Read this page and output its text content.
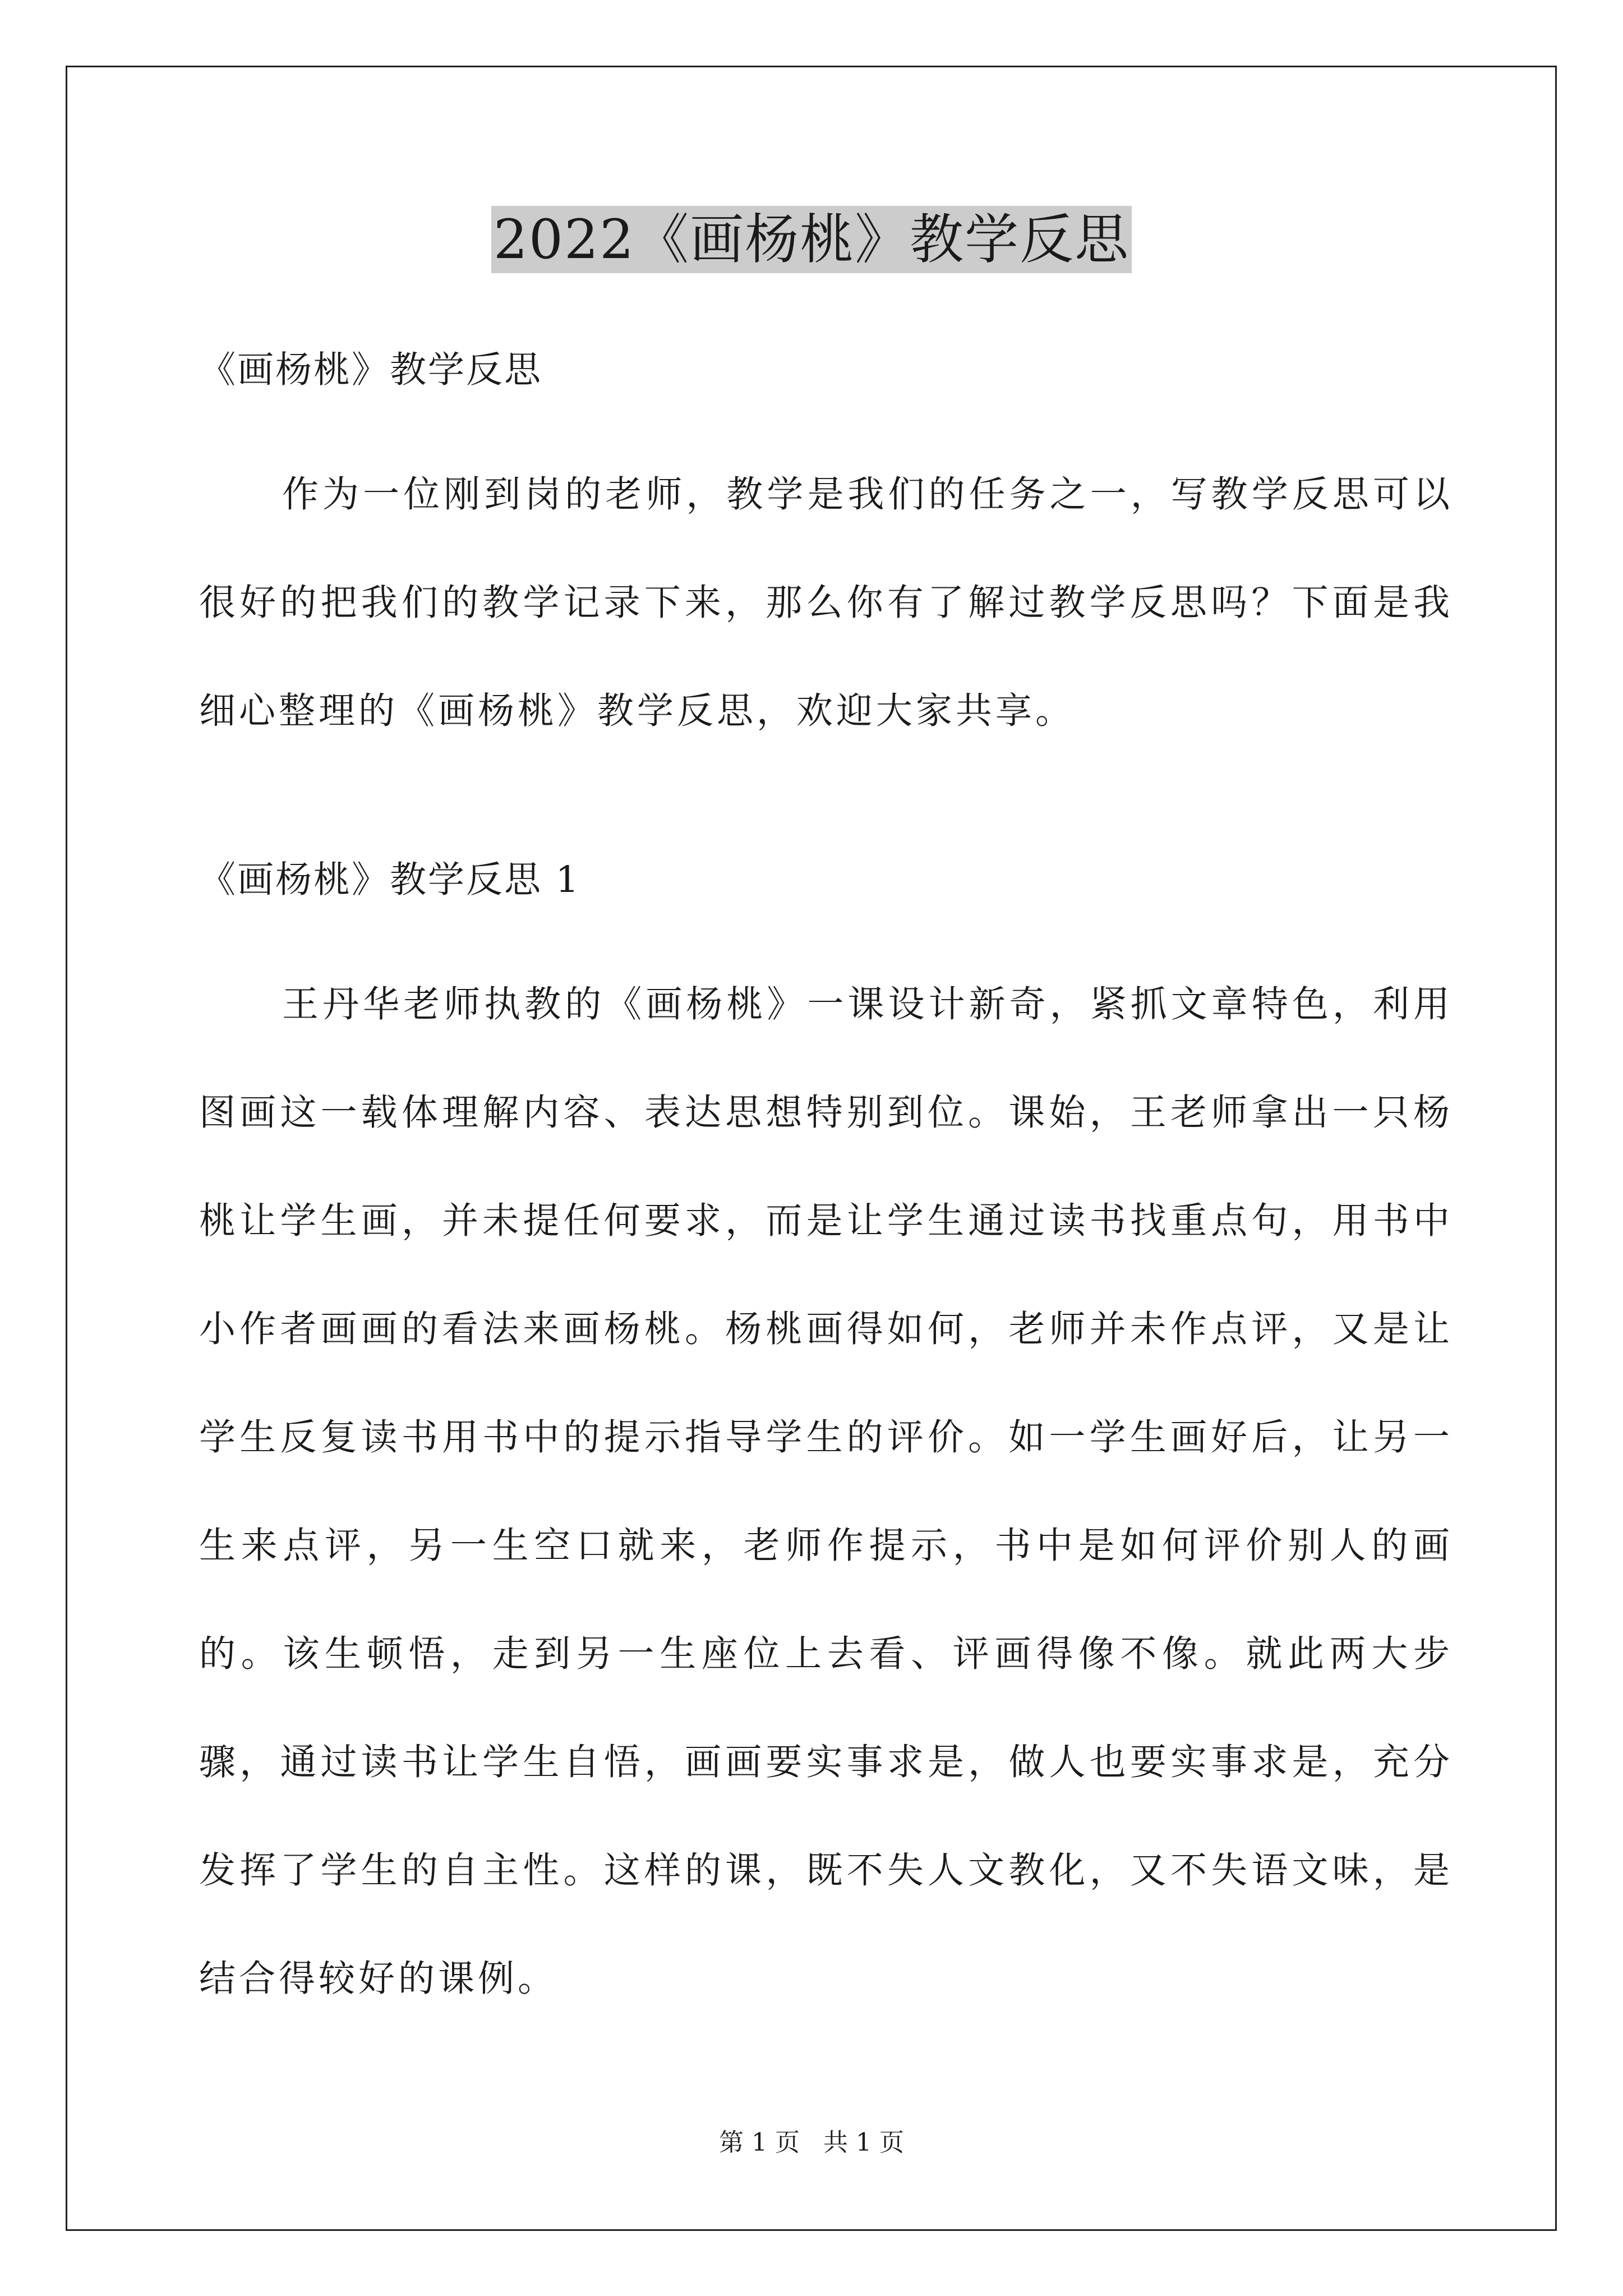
2022《画杨桃》教学反思

《画杨桃》教学反思

作为一位刚到岗的老师，教学是我们的任务之一，写教学反思可以很好的把我们的教学记录下来，那么你有了解过教学反思吗？下面是我细心整理的《画杨桃》教学反思，欢迎大家共享。

《画杨桃》教学反思 1

王丹华老师执教的《画杨桃》一课设计新奇，紧抓文章特色，利用图画这一载体理解内容、表达思想特别到位。课始，王老师拿出一只杨桃让学生画，并未提任何要求，而是让学生通过读书找重点句，用书中小作者画画的看法来画杨桃。杨桃画得如何，老师并未作点评，又是让学生反复读书用书中的提示指导学生的评价。如一学生画好后，让另一生来点评，另一生空口就来，老师作提示，书中是如何评价别人的画的。该生顿悟，走到另一生座位上去看、评画得像不像。就此两大步骤，通过读书让学生自悟，画画要实事求是，做人也要实事求是，充分发挥了学生的自主性。这样的课，既不失人文教化，又不失语文味，是结合得较好的课例。

第 1 页 共 1 页
